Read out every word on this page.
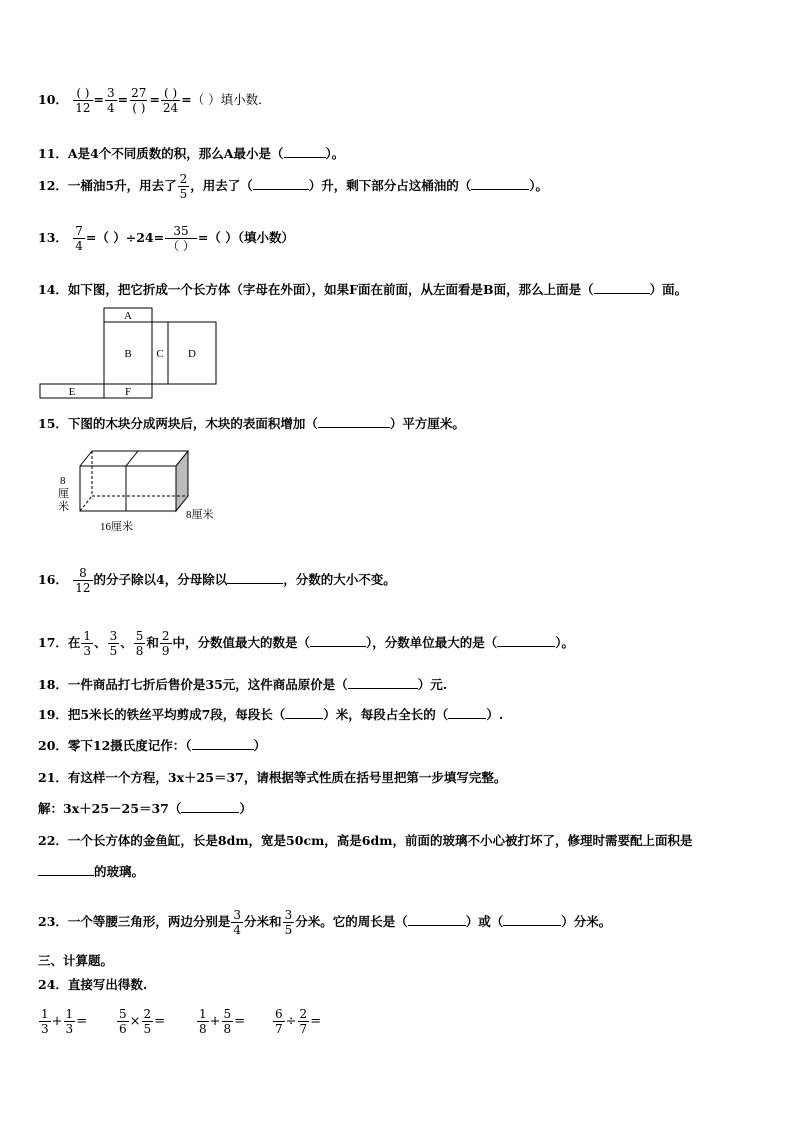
10． $\frac{( )}{12} = \frac{3}{4} = \frac{27}{( )} = \frac{( )}{24}$ =（ ）填小数．
11．A是4个不同质数的积，那么A最小是（	）。
12．一桶油5升，用去了 $\frac{2}{5}$ ，用去了（	）升，剩下部分占这桶油的（	）。
13． $\frac{7}{4}$ =（ ）$\div 24= \frac{35}{( )}$ =（ ）（填小数）
14．如下图，把它折成一个长方体（字母在外面），如果F面在前面，从左面看是B面，那么上面是（	）面。
A
B C D
E	F
15．下图的木块分成两块后，木块的表面积增加（	）平方厘米。
8
厘
米
16厘米
8厘米
16． $\frac{8}{12}$ 的分子除以4，分母除以	，分数的大小不变。
17．在 $\frac{1}{3}$ 、 $\frac{3}{5}$ 、 $\frac{5}{8}$ 和 $\frac{2}{9}$ 中，分数值最大的数是（	），分数单位最大的是（	）。
18．一件商品打七折后售价是35元，这件商品原价是（	）元.
19．把5米长的铁丝平均剪成7段，每段长（	）米，每段占全长的（	）.
20．零下12摄氏度记作：（	）
21．有这样一个方程，3x＋25＝37，请根据等式性质在括号里把第一步填写完整。
解：3x＋25－25＝37（	）
22．一个长方体的金鱼缸，长是8dm，宽是50cm，高是6dm，前面的玻璃不小心被打坏了，修理时需要配上面积是
的玻璃。
23．一个等腰三角形，两边分别是 $\frac{3}{4}$ 分米和 $\frac{3}{5}$ 分米。它的周长是（	）或（	）分米。
三、计算题。
24．直接写出得数.
$\frac{1}{3} + \frac{1}{3} = \frac{5}{6} \times \frac{2}{5}$ =	$\frac{1}{8} + \frac{5}{8} = \frac{6}{7} \div \frac{2}{7}$ =
